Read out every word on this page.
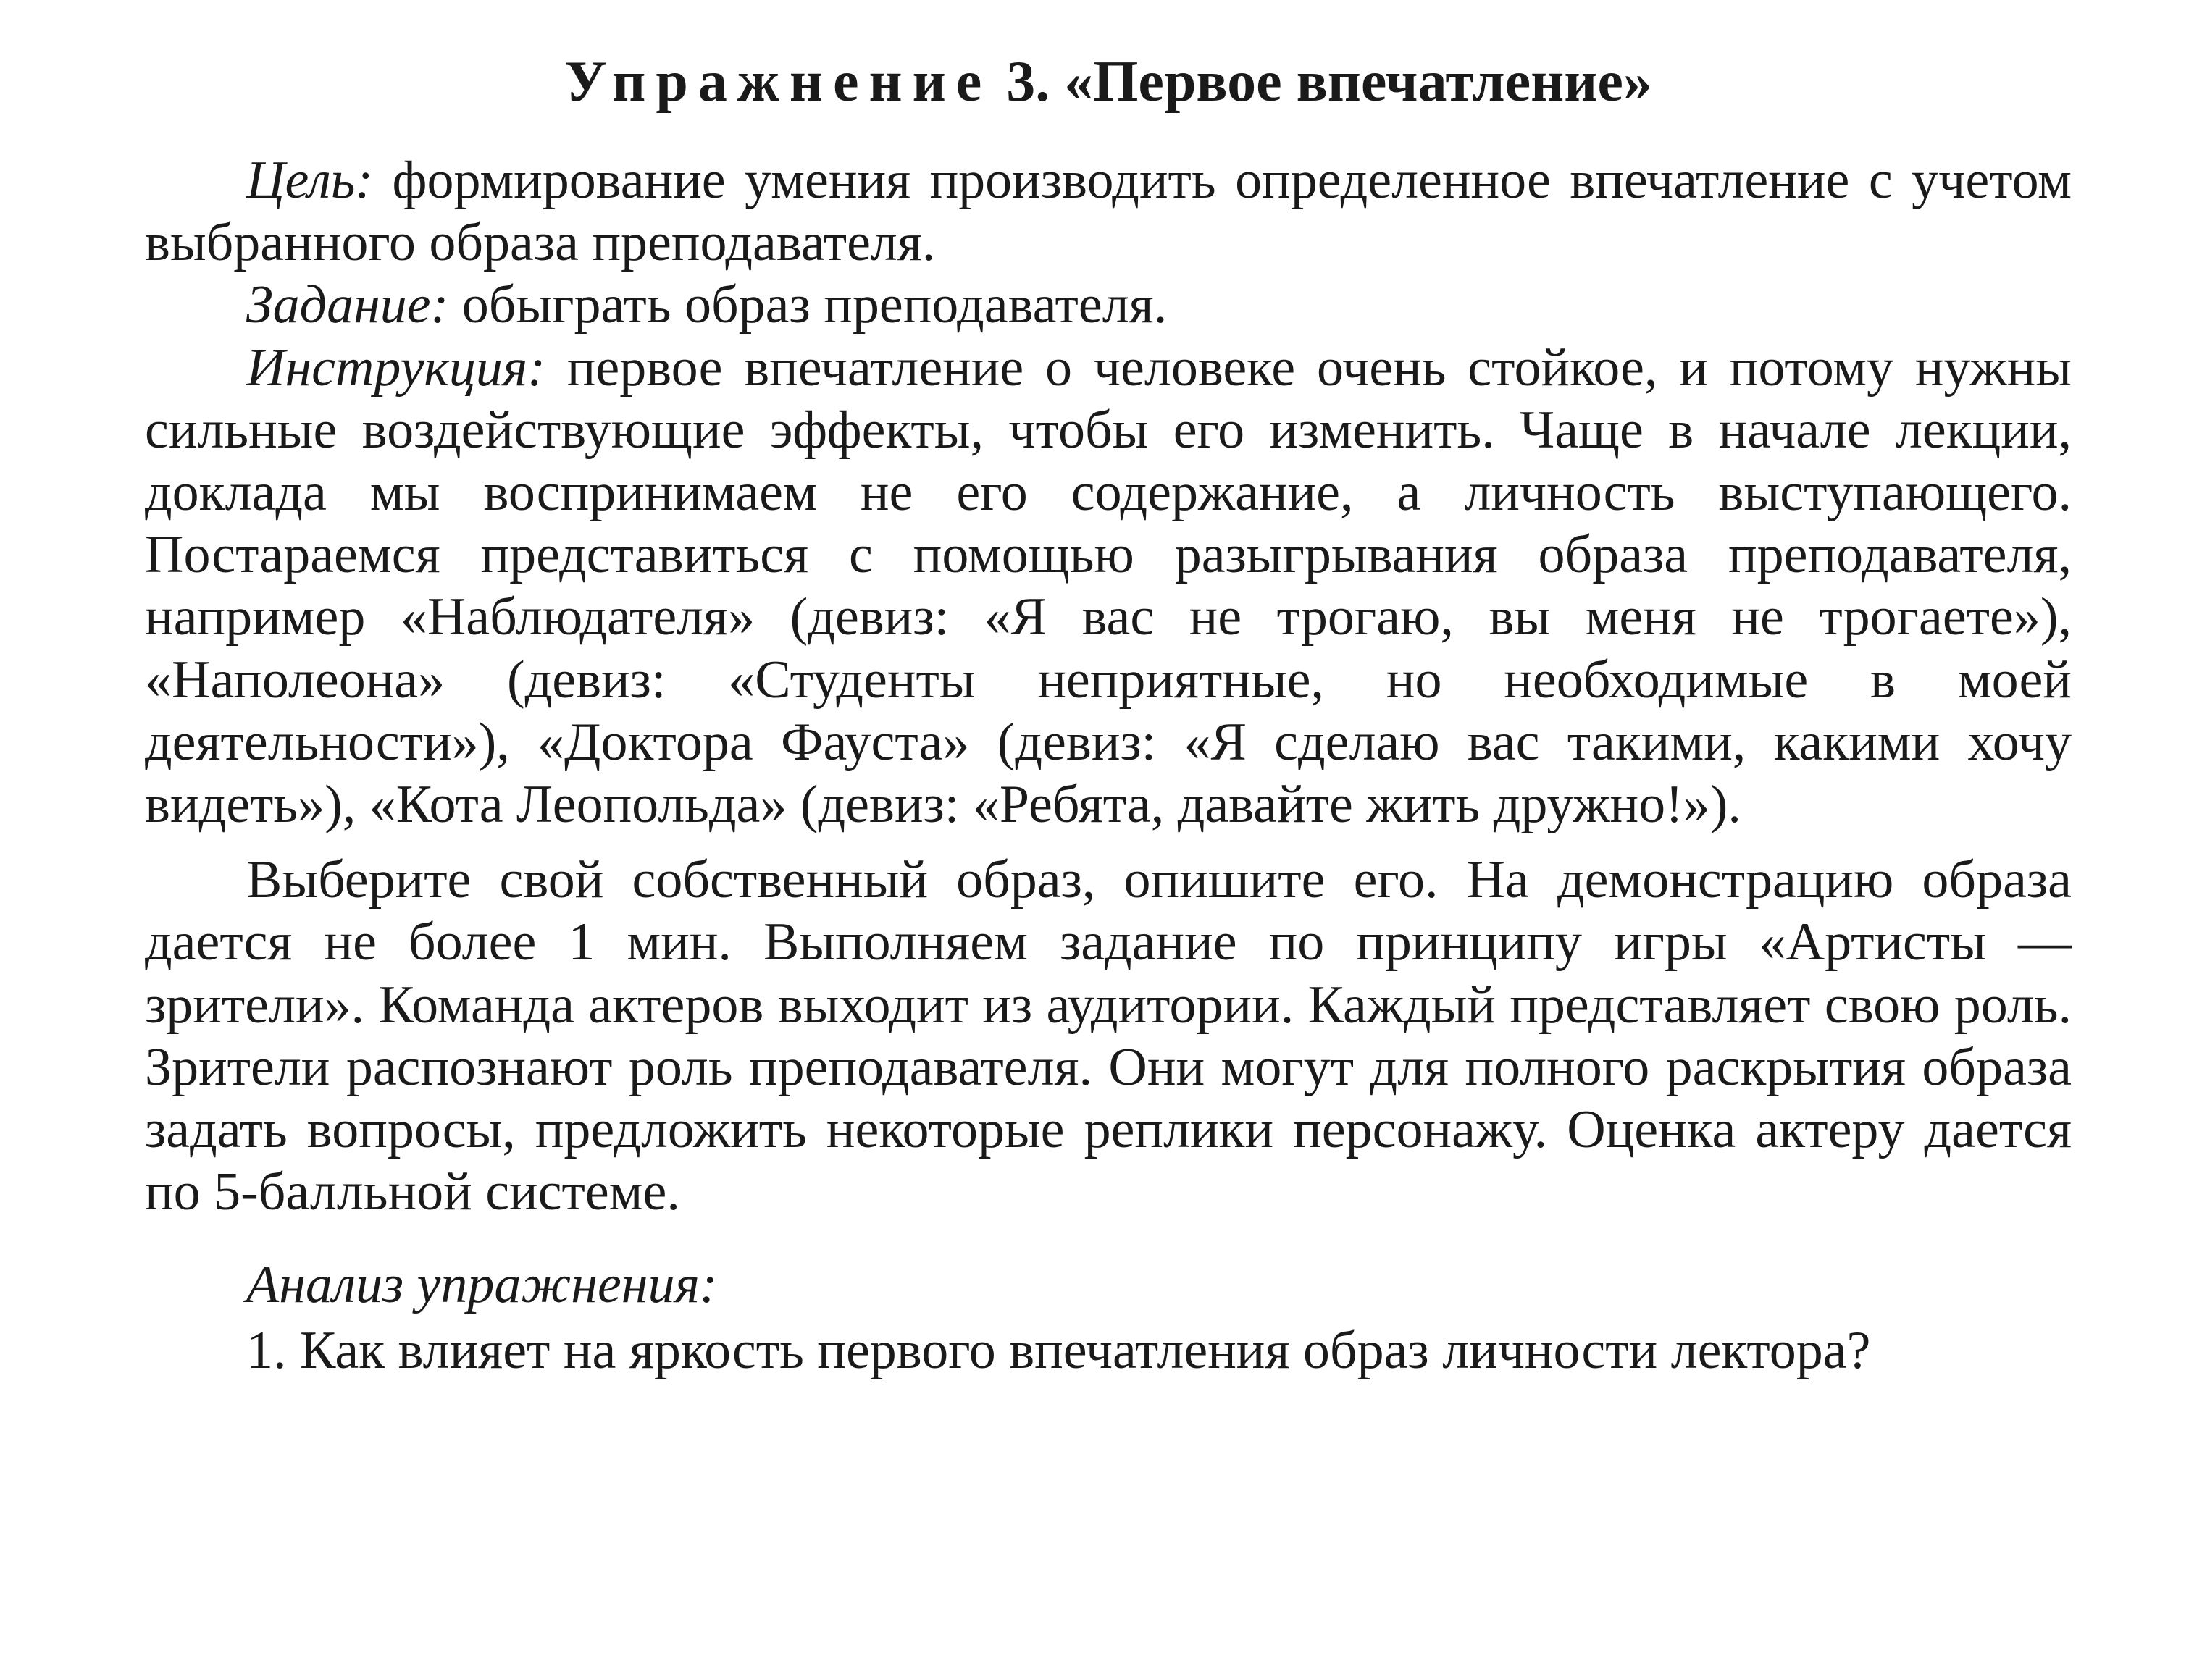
Упражнение 3. «Первое впечатление»

Цель: формирование умения производить определенное впечатление с учетом выбранного образа преподавателя.

Задание: обыграть образ преподавателя.

Инструкция: первое впечатление о человеке очень стойкое, и потому нужны сильные воздействующие эффекты, чтобы его изменить. Чаще в начале лекции, доклада мы воспринимаем не его содержание, а личность выступающего. Постараемся представиться с помощью разыгрывания образа преподавателя, например «Наблюдателя» (девиз: «Я вас не трогаю, вы меня не трогаете»), «Наполеона» (девиз: «Студенты неприятные, но необходимые в моей деятельности»), «Доктора Фауста» (девиз: «Я сделаю вас такими, какими хочу видеть»), «Кота Леопольда» (девиз: «Ребята, давайте жить дружно!»).

Выберите свой собственный образ, опишите его. На демонстрацию образа дается не более 1 мин. Выполняем задание по принципу игры «Артисты — зрители». Команда актеров выходит из аудитории. Каждый представляет свою роль. Зрители распознают роль преподавателя. Они могут для полного раскрытия образа задать вопросы, предложить некоторые реплики персонажу. Оценка актеру дается по 5-балльной системе.

Анализ упражнения:

1. Как влияет на яркость первого впечатления образ личности лектора?
